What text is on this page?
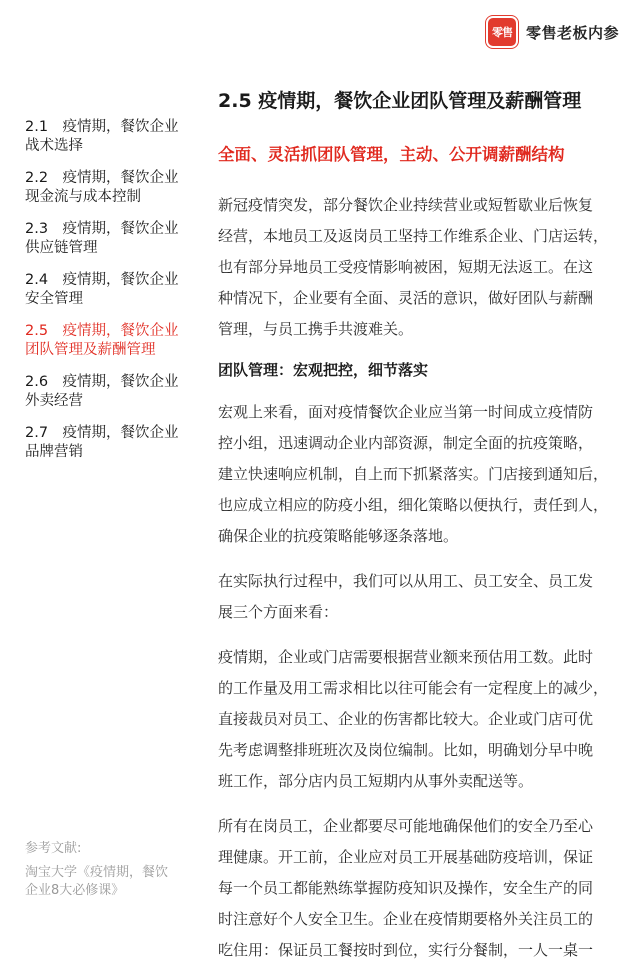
零售 零售老板内参
2.1　疫情期，餐饮企业
战术选择
2.2　疫情期，餐饮企业
现金流与成本控制
2.3　疫情期，餐饮企业
供应链管理
2.4　疫情期，餐饮企业
安全管理
2.5　疫情期，餐饮企业
团队管理及薪酬管理
2.6　疫情期，餐饮企业
外卖经营
2.7　疫情期，餐饮企业
品牌营销
参考文献:
淘宝大学《疫情期，餐饮
企业8大必修课》
2.5 疫情期，餐饮企业团队管理及薪酬管理
全面、灵活抓团队管理，主动、公开调薪酬结构

新冠疫情突发，部分餐饮企业持续营业或短暂歇业后恢复
经营，本地员工及返岗员工坚持工作维系企业、门店运转，
也有部分异地员工受疫情影响被困，短期无法返工。在这
种情况下，企业要有全面、灵活的意识，做好团队与薪酬
管理，与员工携手共渡难关。

团队管理：宏观把控，细节落实

宏观上来看，面对疫情餐饮企业应当第一时间成立疫情防
控小组，迅速调动企业内部资源，制定全面的抗疫策略，
建立快速响应机制，自上而下抓紧落实。门店接到通知后，
也应成立相应的防疫小组，细化策略以便执行，责任到人，
确保企业的抗疫策略能够逐条落地。

在实际执行过程中，我们可以从用工、员工安全、员工发
展三个方面来看：

疫情期，企业或门店需要根据营业额来预估用工数。此时
的工作量及用工需求相比以往可能会有一定程度上的减少，
直接裁员对员工、企业的伤害都比较大。企业或门店可优
先考虑调整排班班次及岗位编制。比如，明确划分早中晚
班工作，部分店内员工短期内从事外卖配送等。

所有在岗员工，企业都要尽可能地确保他们的安全乃至心
理健康。开工前，企业应对员工开展基础防疫培训，保证
每一个员工都能熟练掌握防疫知识及操作，安全生产的同
时注意好个人安全卫生。企业在疫情期要格外关注员工的
吃住用：保证员工餐按时到位，实行分餐制，一人一桌一
